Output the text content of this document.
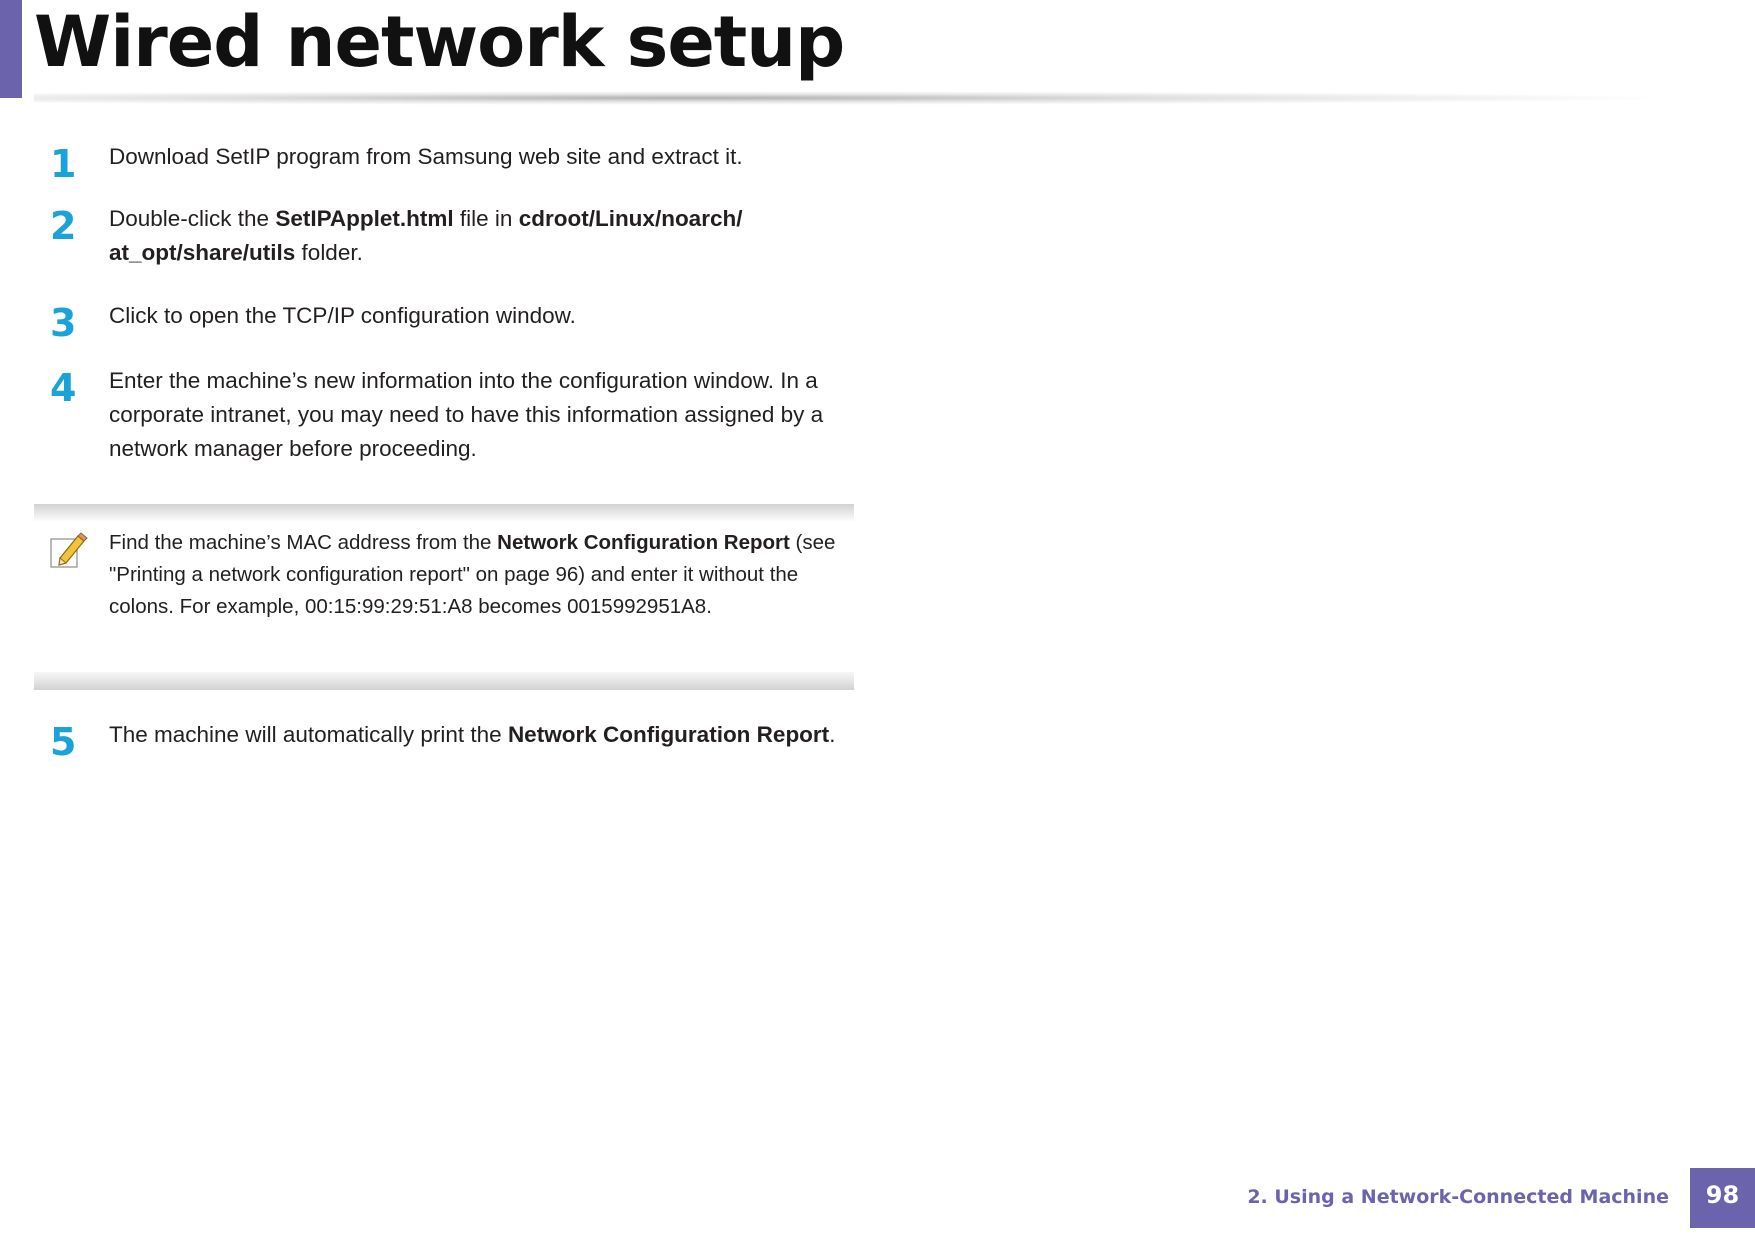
Wired network setup
1 Download SetIP program from Samsung web site and extract it.
2 Double-click the SetIPApplet.html file in cdroot/Linux/noarch/​at_opt/share/utils folder.
3 Click to open the TCP/IP configuration window.
4 Enter the machine’s new information into the configuration window. In a corporate intranet, you may need to have this information assigned by a network manager before proceeding.
Find the machine’s MAC address from the Network Configuration Report (see "Printing a network configuration report" on page 96) and enter it without the colons. For example, 00:15:99:29:51:A8 becomes 0015992951A8.
5 The machine will automatically print the Network Configuration Report.
2. Using a Network-Connected Machine	98
